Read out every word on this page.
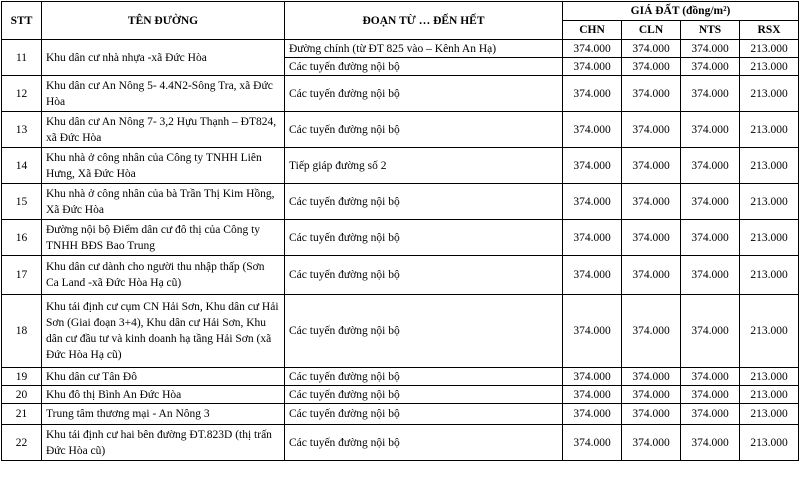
STT	TÊN ĐƯỜNG	ĐOẠN TỪ … ĐẾN HẾT	GIÁ ĐẤT (đồng/m²)			
			CHN	CLN	NTS	RSX
11	Khu dân cư nhà nhựa -xã Đức Hòa	Đường chính (từ ĐT 825 vào – Kênh An Hạ)	374.000	374.000	374.000	213.000
		Các tuyến đường nội bộ	374.000	374.000	374.000	213.000
12	Khu dân cư An Nông 5- 4.4N2-Sông Tra, xã Đức Hòa	Các tuyến đường nội bộ	374.000	374.000	374.000	213.000
13	Khu dân cư An Nông 7- 3,2 Hựu Thạnh – ĐT824, xã Đức Hòa	Các tuyến đường nội bộ	374.000	374.000	374.000	213.000
14	Khu nhà ở công nhân của Công ty TNHH Liên Hưng, Xã Đức Hòa	Tiếp giáp đường số 2	374.000	374.000	374.000	213.000
15	Khu nhà ở công nhân của bà Trần Thị Kim Hồng, Xã Đức Hòa	Các tuyến đường nội bộ	374.000	374.000	374.000	213.000
16	Đường nội bộ Điểm dân cư đô thị của Công ty TNHH BĐS Bao Trung	Các tuyến đường nội bộ	374.000	374.000	374.000	213.000
17	Khu dân cư dành cho người thu nhập thấp (Sơn Ca Land -xã Đức Hòa Hạ cũ)	Các tuyến đường nội bộ	374.000	374.000	374.000	213.000
18	Khu tái định cư cụm CN Hải Sơn, Khu dân cư Hải Sơn (Giai đoạn 3+4), Khu dân cư Hải Sơn, Khu dân cư đầu tư và kinh doanh hạ tầng Hải Sơn (xã Đức Hòa Hạ cũ)	Các tuyến đường nội bộ	374.000	374.000	374.000	213.000
19	Khu dân cư Tân Đô	Các tuyến đường nội bộ	374.000	374.000	374.000	213.000
20	Khu đô thị Bình An Đức Hòa	Các tuyến đường nội bộ	374.000	374.000	374.000	213.000
21	Trung tâm thương mại - An Nông 3	Các tuyến đường nội bộ	374.000	374.000	374.000	213.000
22	Khu tái định cư hai bên đường ĐT.823D (thị trấn Đức Hòa cũ)	Các tuyến đường nội bộ	374.000	374.000	374.000	213.000
